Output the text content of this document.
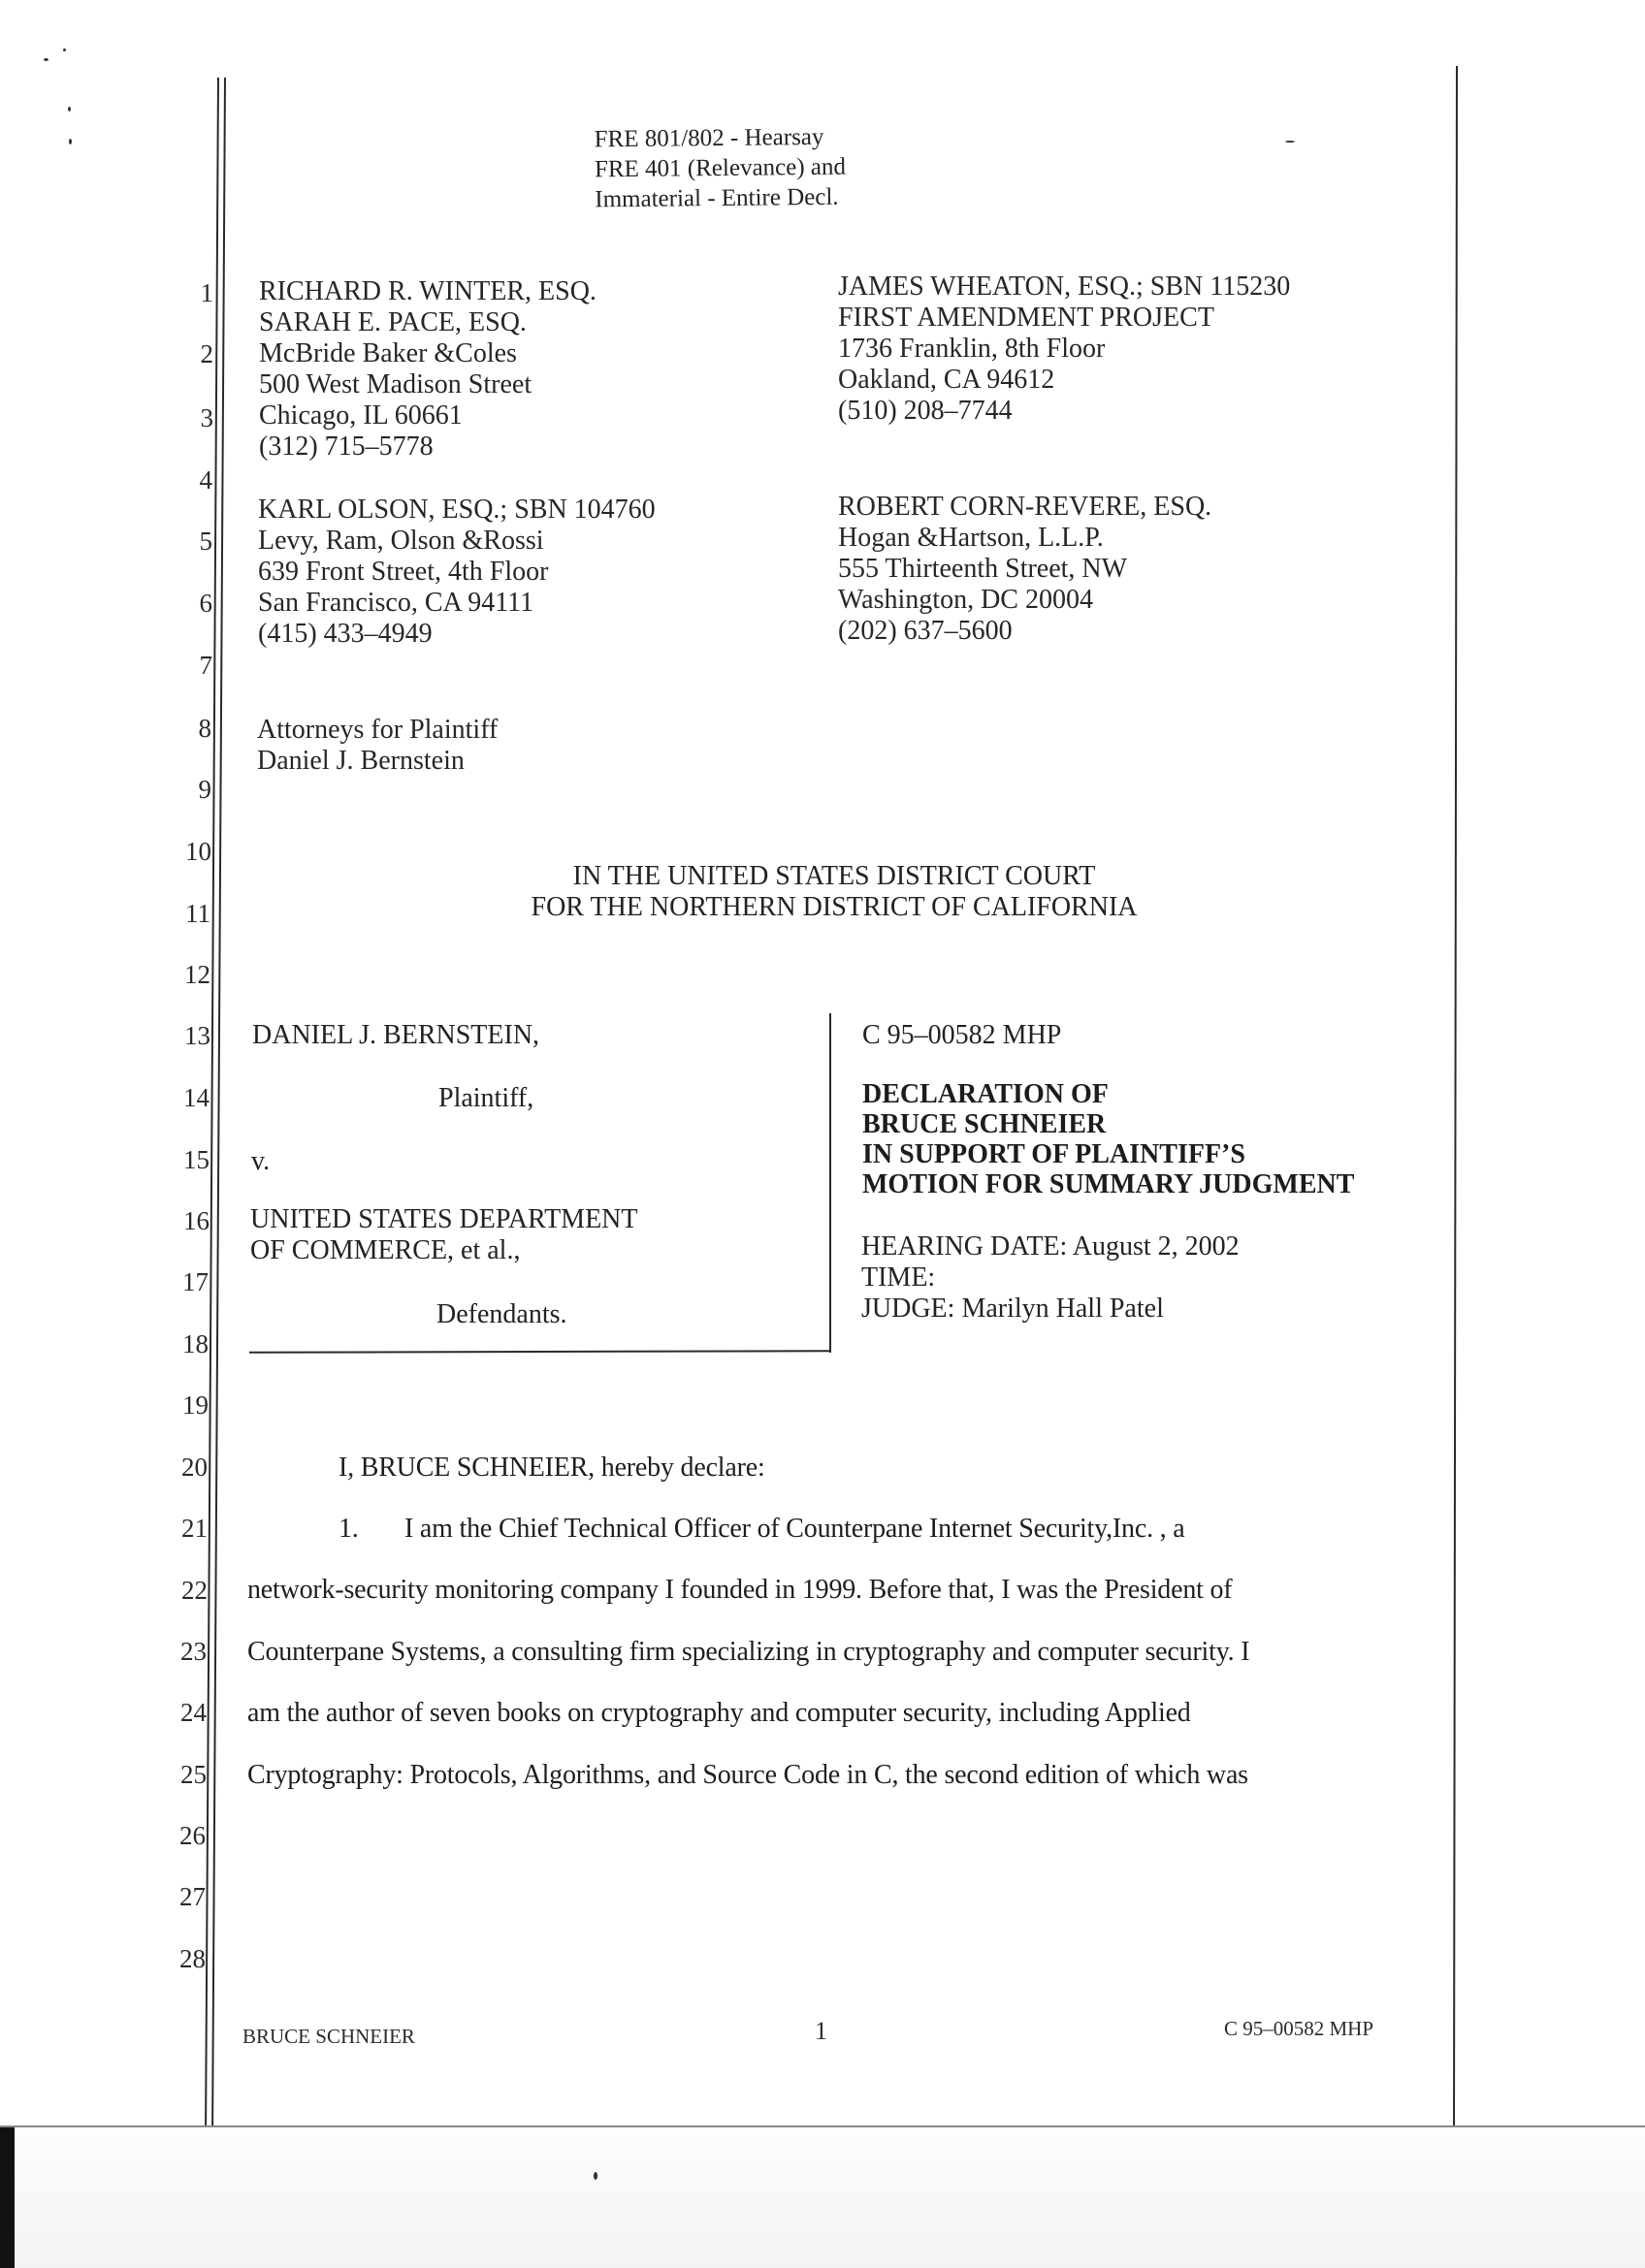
FRE 801/802 - Hearsay
FRE 401 (Relevance) and
Immaterial - Entire Decl.
1
2
3
4
5
6
7
8
9
10
11
12
13
14
15
16
17
18
19
20
21
22
23
24
25
26
27
28
RICHARD R. WINTER, ESQ.
SARAH E. PACE, ESQ.
McBride Baker &Coles
500 West Madison Street
Chicago, IL 60661
(312) 715–5778
KARL OLSON, ESQ.; SBN 104760
Levy, Ram, Olson &Rossi
639 Front Street, 4th Floor
San Francisco, CA 94111
(415) 433–4949
JAMES WHEATON, ESQ.; SBN 115230
FIRST AMENDMENT PROJECT
1736 Franklin, 8th Floor
Oakland, CA 94612
(510) 208–7744
ROBERT CORN-REVERE, ESQ.
Hogan &Hartson, L.L.P.
555 Thirteenth Street, NW
Washington, DC 20004
(202) 637–5600
Attorneys for Plaintiff
Daniel J. Bernstein
IN THE UNITED STATES DISTRICT COURT
FOR THE NORTHERN DISTRICT OF CALIFORNIA
DANIEL J. BERNSTEIN,
Plaintiff,
v.
UNITED STATES DEPARTMENT
OF COMMERCE, et al.,
Defendants.
C 95–00582 MHP
DECLARATION OF
BRUCE SCHNEIER
IN SUPPORT OF PLAINTIFF’S
MOTION FOR SUMMARY JUDGMENT
HEARING DATE: August 2, 2002
TIME:
JUDGE: Marilyn Hall Patel
I, BRUCE SCHNEIER, hereby declare:
1. I am the Chief Technical Officer of Counterpane Internet Security,Inc. , a
network-security monitoring company I founded in 1999. Before that, I was the President of
Counterpane Systems, a consulting firm specializing in cryptography and computer security. I
am the author of seven books on cryptography and computer security, including Applied
Cryptography: Protocols, Algorithms, and Source Code in C, the second edition of which was
BRUCE SCHNEIER	1	C 95–00582 MHP
